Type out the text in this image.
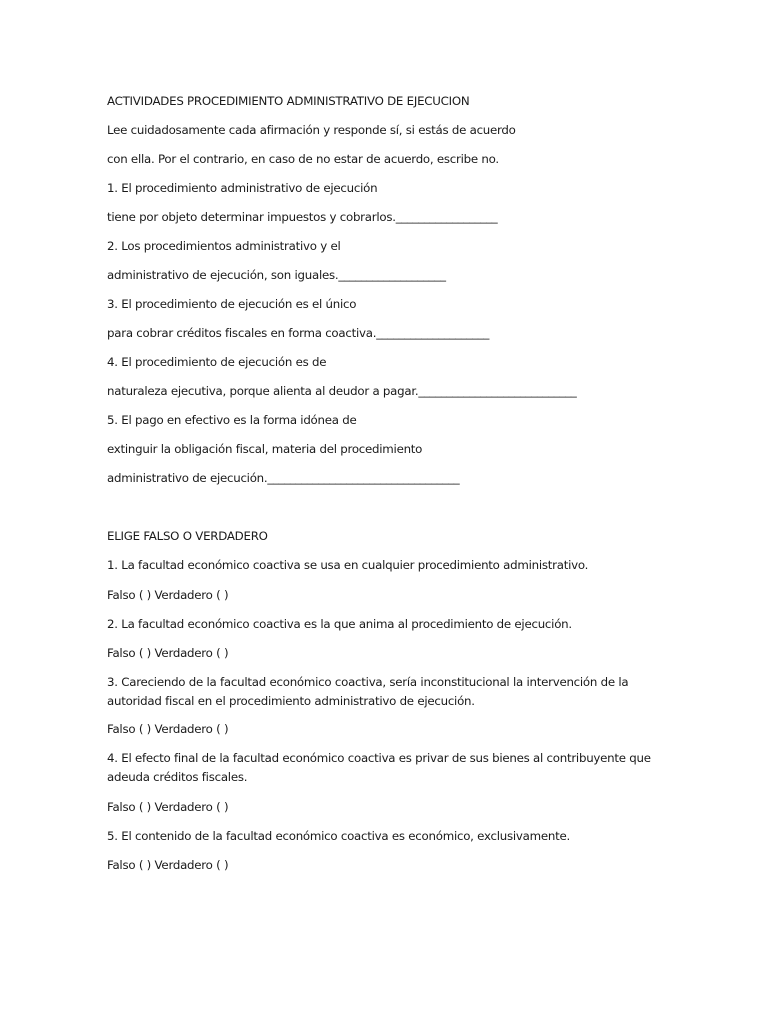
ACTIVIDADES PROCEDIMIENTO ADMINISTRATIVO DE EJECUCION
Lee cuidadosamente cada afirmación y responde sí, si estás de acuerdo
con ella. Por el contrario, en caso de no estar de acuerdo, escribe no.
1. El procedimiento administrativo de ejecución
tiene por objeto determinar impuestos y cobrarlos.__________________
2. Los procedimientos administrativo y el
administrativo de ejecución, son iguales.___________________
3. El procedimiento de ejecución es el único
para cobrar créditos fiscales en forma coactiva.____________________
4. El procedimiento de ejecución es de
naturaleza ejecutiva, porque alienta al deudor a pagar.____________________________
5. El pago en efectivo es la forma idónea de
extinguir la obligación fiscal, materia del procedimiento
administrativo de ejecución.__________________________________
ELIGE FALSO O VERDADERO
1. La facultad económico coactiva se usa en cualquier procedimiento administrativo.
Falso ( ) Verdadero ( )
2. La facultad económico coactiva es la que anima al procedimiento de ejecución.
Falso ( ) Verdadero ( )
3. Careciendo de la facultad económico coactiva, sería inconstitucional la intervención de la autoridad fiscal en el procedimiento administrativo de ejecución.
Falso ( ) Verdadero ( )
4. El efecto final de la facultad económico coactiva es privar de sus bienes al contribuyente que adeuda créditos fiscales.
Falso ( ) Verdadero ( )
5. El contenido de la facultad económico coactiva es económico, exclusivamente.
Falso ( ) Verdadero ( )
